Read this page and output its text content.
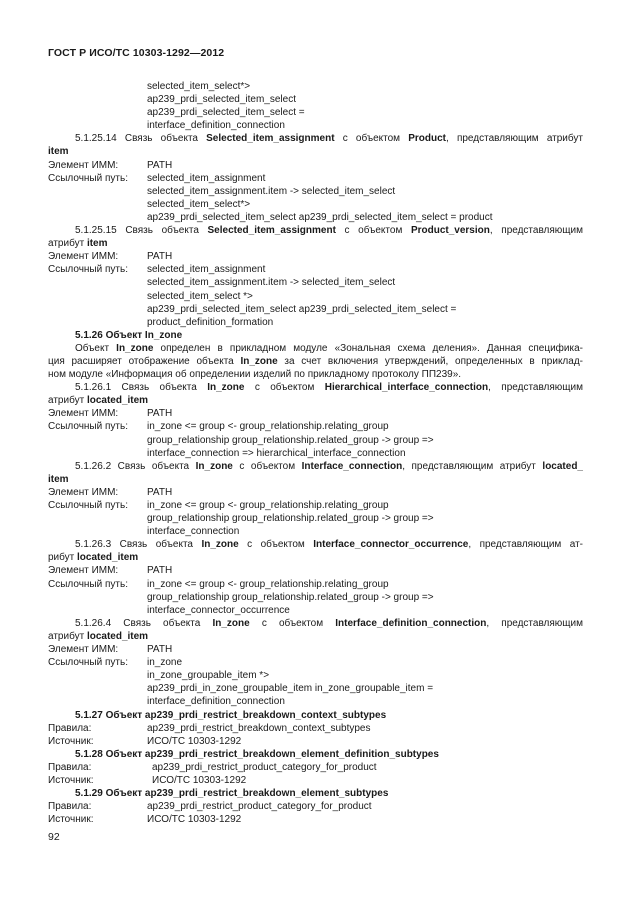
ГОСТ Р ИСО/ТС 10303-1292—2012
selected_item_select*>
ap239_prdi_selected_item_select
ap239_prdi_selected_item_select =
interface_definition_connection
5.1.25.14 Связь объекта Selected_item_assignment с объектом Product, представляющим атрибут
item
Элемент ИММ:	PATH
Ссылочный путь: selected_item_assignment
selected_item_assignment.item -> selected_item_select
selected_item_select*>
ap239_prdi_selected_item_select ap239_prdi_selected_item_select = product
5.1.25.15 Связь объекта Selected_item_assignment с объектом Product_version, представляющим
атрибут item
Элемент ИММ:	PATH
Ссылочный путь: selected_item_assignment
selected_item_assignment.item -> selected_item_select
selected_item_select *>
ap239_prdi_selected_item_select ap239_prdi_selected_item_select =
product_definition_formation
5.1.26 Объект In_zone
Объект In_zone определен в прикладном модуле «Зональная схема деления». Данная специфика-
ция расширяет отображение объекта In_zone за счет включения утверждений, определенных в приклад-
ном модуле «Информация об определении изделий по прикладному протоколу ПП239».
5.1.26.1 Связь объекта In_zone с объектом Hierarchical_interface_connection, представляющим
атрибут located_item
Элемент ИММ:	PATH
Ссылочный путь: in_zone <= group <- group_relationship.relating_group
group_relationship group_relationship.related_group -> group =>
interface_connection => hierarchical_interface_connection
5.1.26.2 Связь объекта In_zone с объектом Interface_connection, представляющим атрибут located_
item
Элемент ИММ:	PATH
Ссылочный путь: in_zone <= group <- group_relationship.relating_group
group_relationship group_relationship.related_group -> group =>
interface_connection
5.1.26.3 Связь объекта In_zone с объектом Interface_connector_occurrence, представляющим ат-
рибут located_item
Элемент ИММ:	PATH
Ссылочный путь: in_zone <= group <- group_relationship.relating_group
group_relationship group_relationship.related_group -> group =>
interface_connector_occurrence
5.1.26.4 Связь объекта In_zone с объектом Interface_definition_connection, представляющим
атрибут located_item
Элемент ИММ:	PATH
Ссылочный путь: in_zone
in_zone_groupable_item *>
ap239_prdi_in_zone_groupable_item in_zone_groupable_item =
interface_definition_connection
5.1.27 Объект ap239_prdi_restrict_breakdown_context_subtypes
Правила:	ap239_prdi_restrict_breakdown_context_subtypes
Источник:	ИСО/ТС 10303-1292
5.1.28 Объект ap239_prdi_restrict_breakdown_element_definition_subtypes
Правила:	ap239_prdi_restrict_product_category_for_product
Источник:	ИСО/ТС 10303-1292
5.1.29 Объект ap239_prdi_restrict_breakdown_element_subtypes
Правила:	ap239_prdi_restrict_product_category_for_product
Источник:	ИСО/ТС 10303-1292
92
